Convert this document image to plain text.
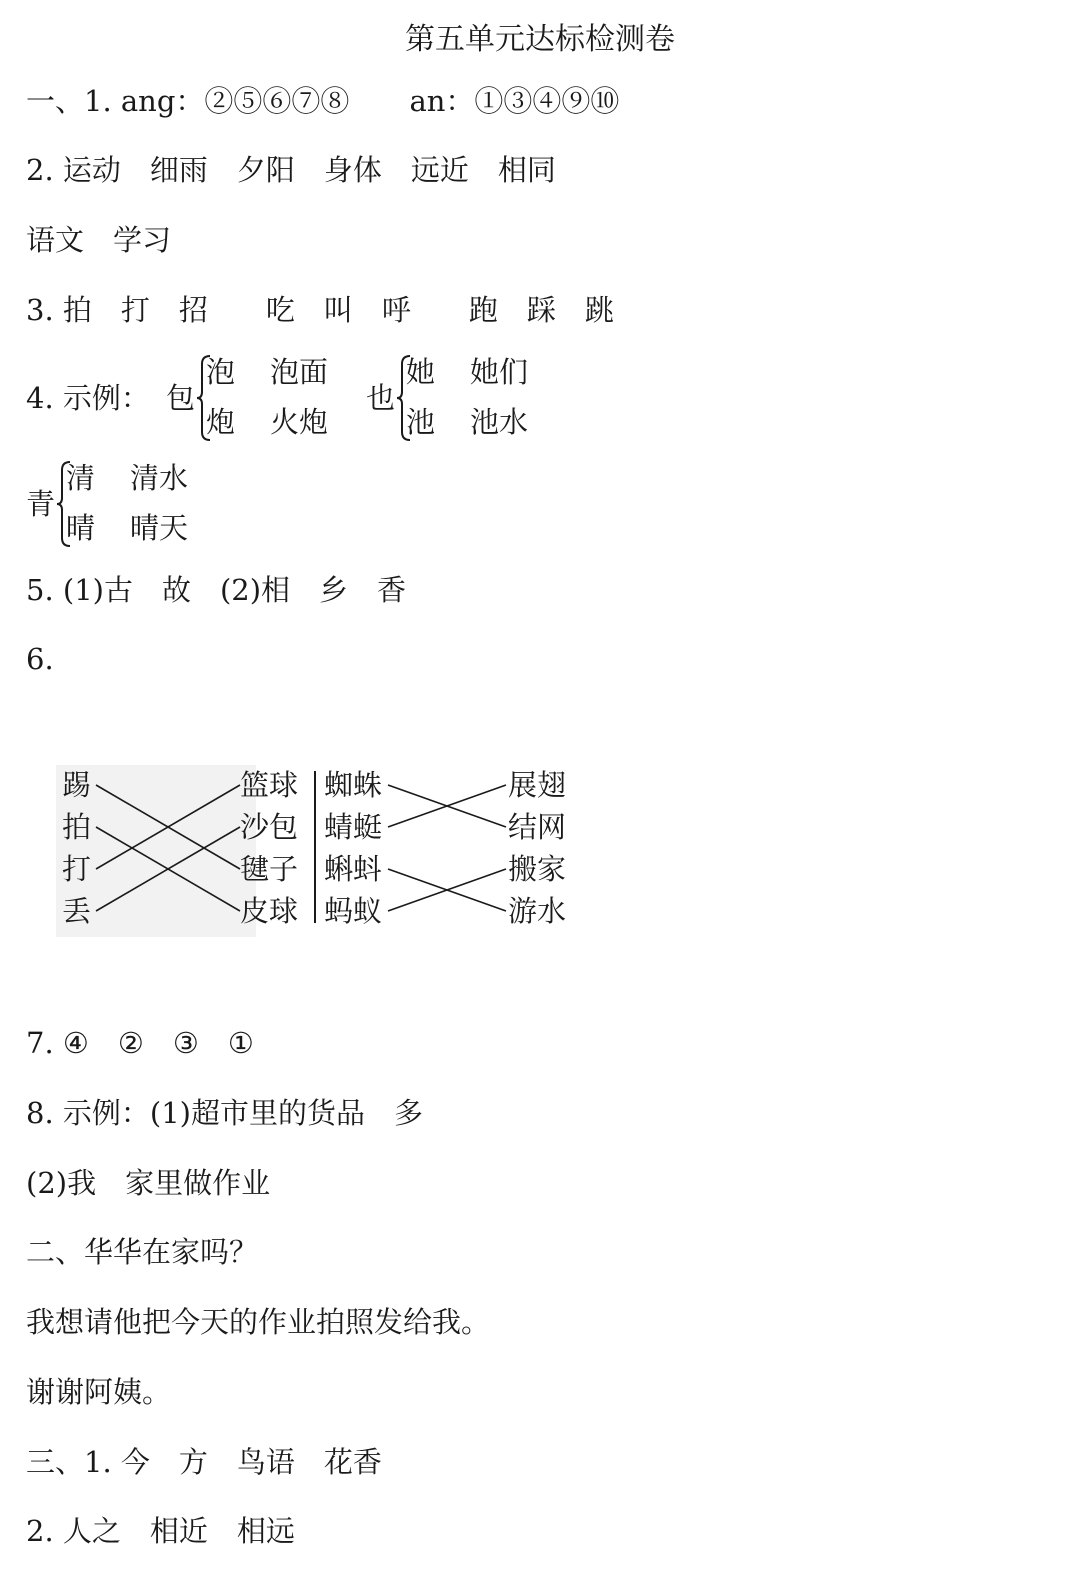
第五单元达标检测卷
一、1. ang：②⑤⑥⑦⑧ an：①③④⑨⑩
2. 运动　细雨　夕阳　身体　远近　相同
语文　学习
3. 拍　打　招　　吃　叫　呼　　跑　踩　跳
4. 示例： 包
泡 泡面
炮 火炮
也
她 她们
池 池水
青
清 清水
晴 晴天
5. (1)古　故　(2)相　乡　香
6.
踢
拍
打
丢
篮球
沙包
毽子
皮球
蜘蛛
蜻蜓
蝌蚪
蚂蚁
展翅
结网
搬家
游水
7. ④　②　③　①
8. 示例：(1)超市里的货品　多
(2)我　家里做作业
二、华华在家吗？
我想请他把今天的作业拍照发给我。
谢谢阿姨。
三、1. 今　方　鸟语　花香
2. 人之　相近　相远
